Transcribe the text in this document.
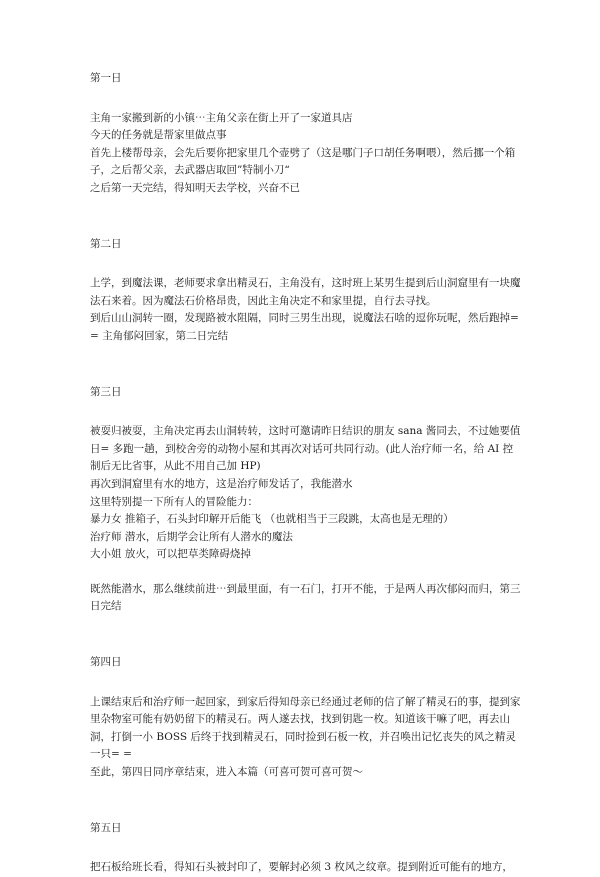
第一日

主角一家搬到新的小镇⋯主角父亲在街上开了一家道具店

今天的任务就是帮家里做点事

首先上楼帮母亲，会先后要你把家里几个壶劈了（这是哪门子口胡任务啊喂），然后挪一个箱子，之后帮父亲，去武器店取回”特制小刀“

之后第一天完结，得知明天去学校，兴奋不已

第二日

上学，到魔法课，老师要求拿出精灵石，主角没有，这时班上某男生提到后山洞窟里有一块魔法石来着。因为魔法石价格昂贵，因此主角决定不和家里提，自行去寻找。

到后山山洞转一圈，发现路被水阻隔，同时三男生出现，说魔法石啥的逗你玩呢，然后跑掉= = 主角郁闷回家，第二日完结

第三日

被耍归被耍，主角决定再去山洞转转，这时可邀请昨日结识的朋友 sana 酱同去，不过她要值日= 多跑一趟，到校舍旁的动物小屋和其再次对话可共同行动。(此人治疗师一名，给 AI 控制后无比省事，从此不用自己加 HP)

再次到洞窟里有水的地方，这是治疗师发话了，我能潜水

这里特别提一下所有人的冒险能力：

暴力女 推箱子，石头封印解开后能飞 （也就相当于三段跳，太高也是无理的）

治疗师 潜水，后期学会让所有人潜水的魔法

大小姐 放火，可以把草类障碍烧掉

既然能潜水，那么继续前进⋯到最里面，有一石门，打开不能，于是两人再次郁闷而归，第三日完结

第四日

上课结束后和治疗师一起回家，到家后得知母亲已经通过老师的信了解了精灵石的事，提到家里杂物室可能有奶奶留下的精灵石。两人遂去找，找到钥匙一枚。知道该干嘛了吧，再去山洞，打倒一小 BOSS 后终于找到精灵石，同时捡到石板一枚，并召唤出记忆丧失的风之精灵一只= =

至此，第四日同序章结束，进入本篇（可喜可贺可喜可贺〜

第五日

把石板给班长看，得知石头被封印了，要解封必须 3 枚风之纹章。提到附近可能有的地方，
